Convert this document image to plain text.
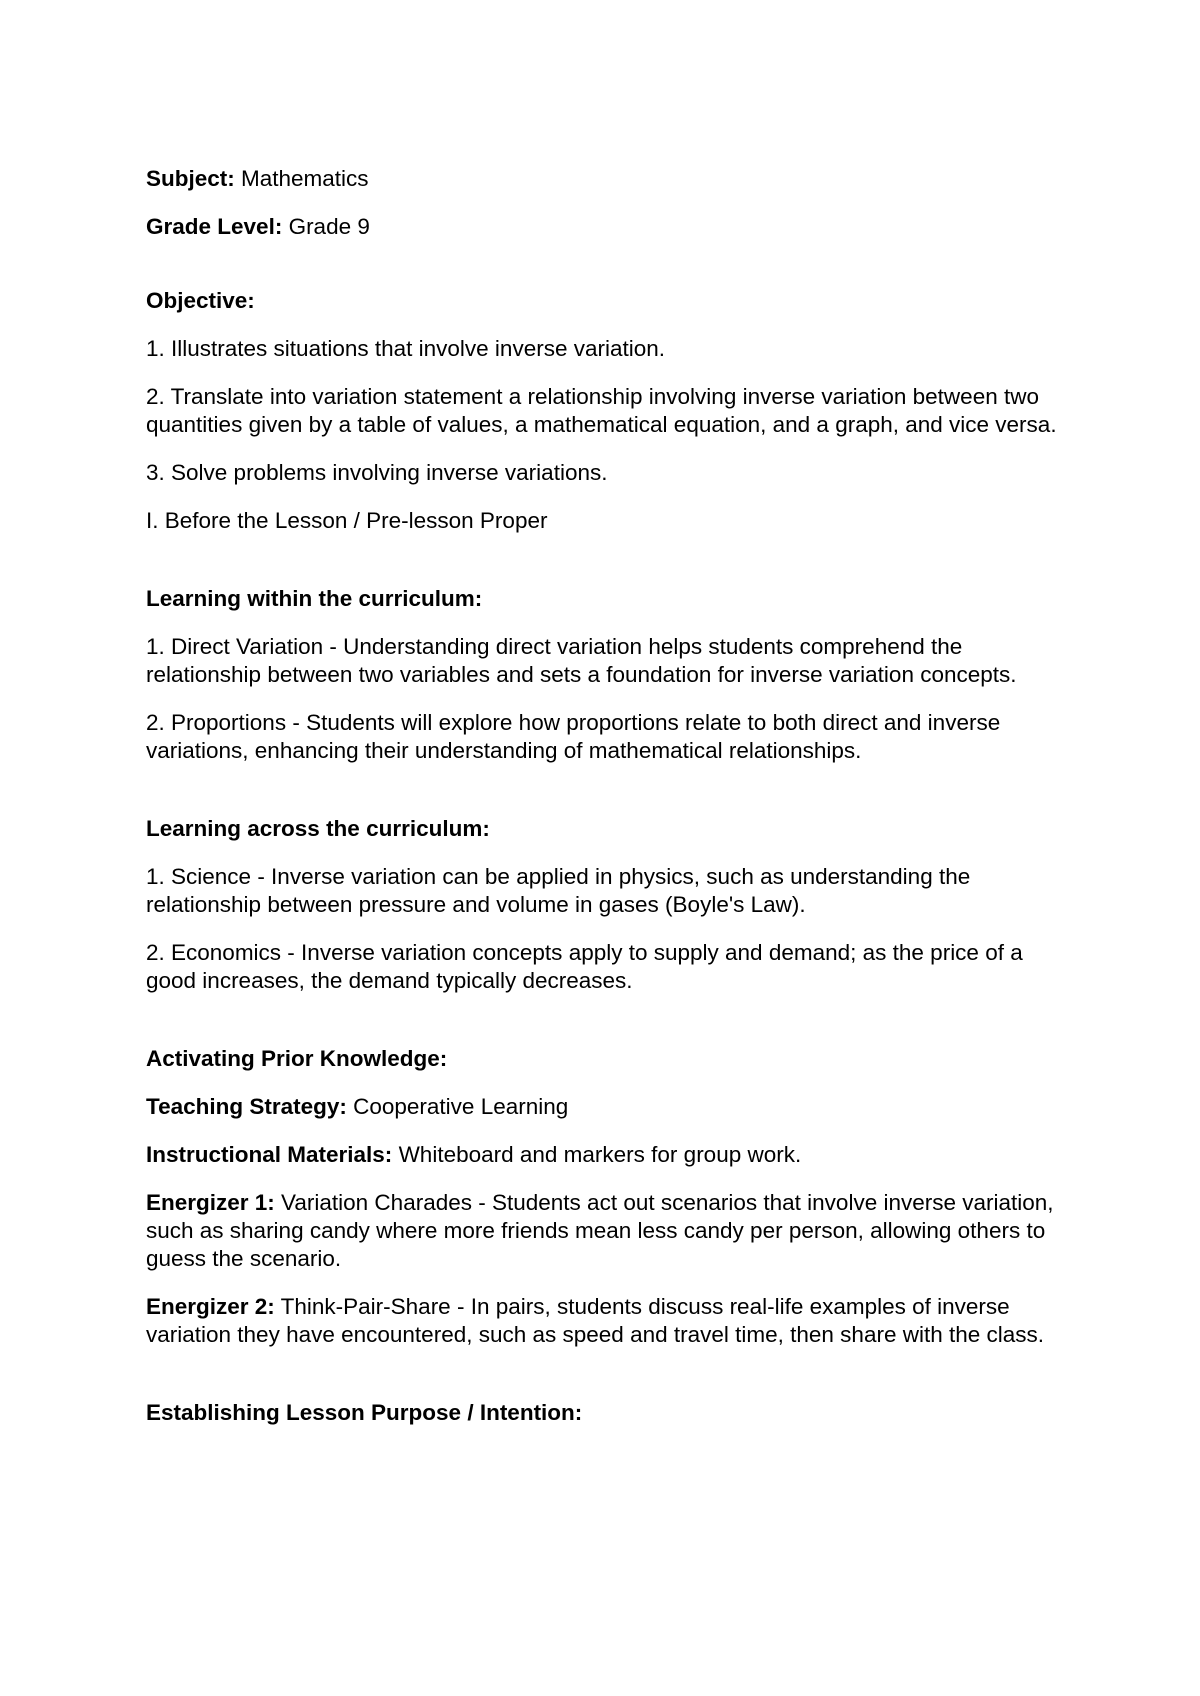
Subject: Mathematics

Grade Level: Grade 9

Objective:

1. Illustrates situations that involve inverse variation.

2. Translate into variation statement a relationship involving inverse variation between two quantities given by a table of values, a mathematical equation, and a graph, and vice versa.

3. Solve problems involving inverse variations.

I. Before the Lesson / Pre-lesson Proper

Learning within the curriculum:

1. Direct Variation - Understanding direct variation helps students comprehend the relationship between two variables and sets a foundation for inverse variation concepts.

2. Proportions - Students will explore how proportions relate to both direct and inverse variations, enhancing their understanding of mathematical relationships.

Learning across the curriculum:

1. Science - Inverse variation can be applied in physics, such as understanding the relationship between pressure and volume in gases (Boyle's Law).

2. Economics - Inverse variation concepts apply to supply and demand; as the price of a good increases, the demand typically decreases.

Activating Prior Knowledge:

Teaching Strategy: Cooperative Learning

Instructional Materials: Whiteboard and markers for group work.

Energizer 1: Variation Charades - Students act out scenarios that involve inverse variation, such as sharing candy where more friends mean less candy per person, allowing others to guess the scenario.

Energizer 2: Think-Pair-Share - In pairs, students discuss real-life examples of inverse variation they have encountered, such as speed and travel time, then share with the class.

Establishing Lesson Purpose / Intention:
